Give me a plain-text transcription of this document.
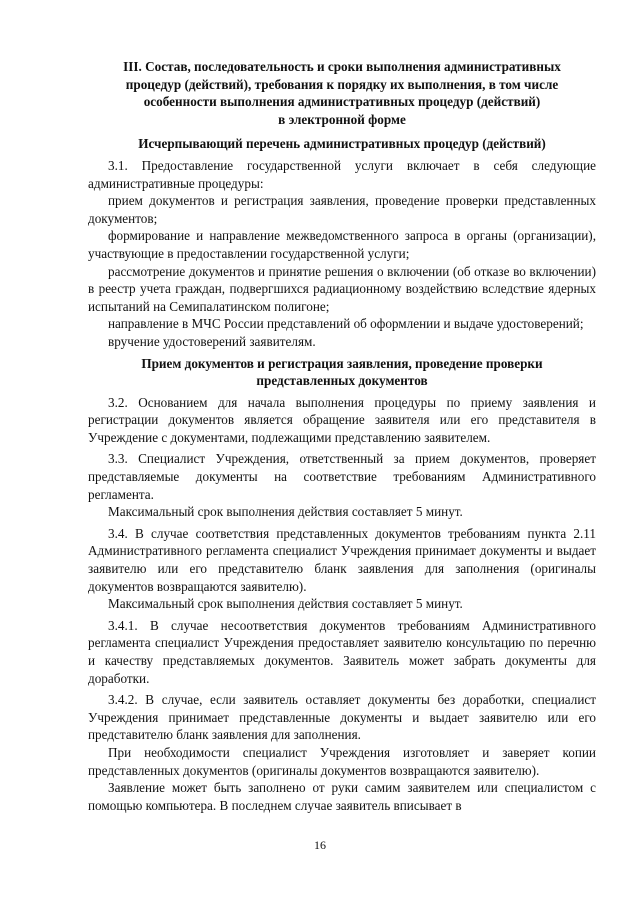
III. Состав, последовательность и сроки выполнения административных
процедур (действий), требования к порядку их выполнения, в том числе
особенности выполнения административных процедур (действий)
в электронной форме
Исчерпывающий перечень административных процедур (действий)

3.1. Предоставление государственной услуги включает в себя следующие административные процедуры:

прием документов и регистрация заявления, проведение проверки представленных документов;

формирование и направление межведомственного запроса в органы (организации), участвующие в предоставлении государственной услуги;

рассмотрение документов и принятие решения о включении (об отказе во включении) в реестр учета граждан, подвергшихся радиационному воздействию вследствие ядерных испытаний на Семипалатинском полигоне;

направление в МЧС России представлений об оформлении и выдаче удостоверений;

вручение удостоверений заявителям.

Прием документов и регистрация заявления, проведение проверки
представленных документов

3.2. Основанием для начала выполнения процедуры по приему заявления и регистрации документов является обращение заявителя или его представителя в Учреждение с документами, подлежащими представлению заявителем.

3.3. Специалист Учреждения, ответственный за прием документов, проверяет представляемые документы на соответствие требованиям Административного регламента.

Максимальный срок выполнения действия составляет 5 минут.

3.4. В случае соответствия представленных документов требованиям пункта 2.11 Административного регламента специалист Учреждения принимает документы и выдает заявителю или его представителю бланк заявления для заполнения (оригиналы документов возвращаются заявителю).

Максимальный срок выполнения действия составляет 5 минут.

3.4.1. В случае несоответствия документов требованиям Административного регламента специалист Учреждения предоставляет заявителю консультацию по перечню и качеству представляемых документов. Заявитель может забрать документы для доработки.

3.4.2. В случае, если заявитель оставляет документы без доработки, специалист Учреждения принимает представленные документы и выдает заявителю или его представителю бланк заявления для заполнения.

При необходимости специалист Учреждения изготовляет и заверяет копии представленных документов (оригиналы документов возвращаются заявителю).

Заявление может быть заполнено от руки самим заявителем или специалистом с помощью компьютера. В последнем случае заявитель вписывает в

16
